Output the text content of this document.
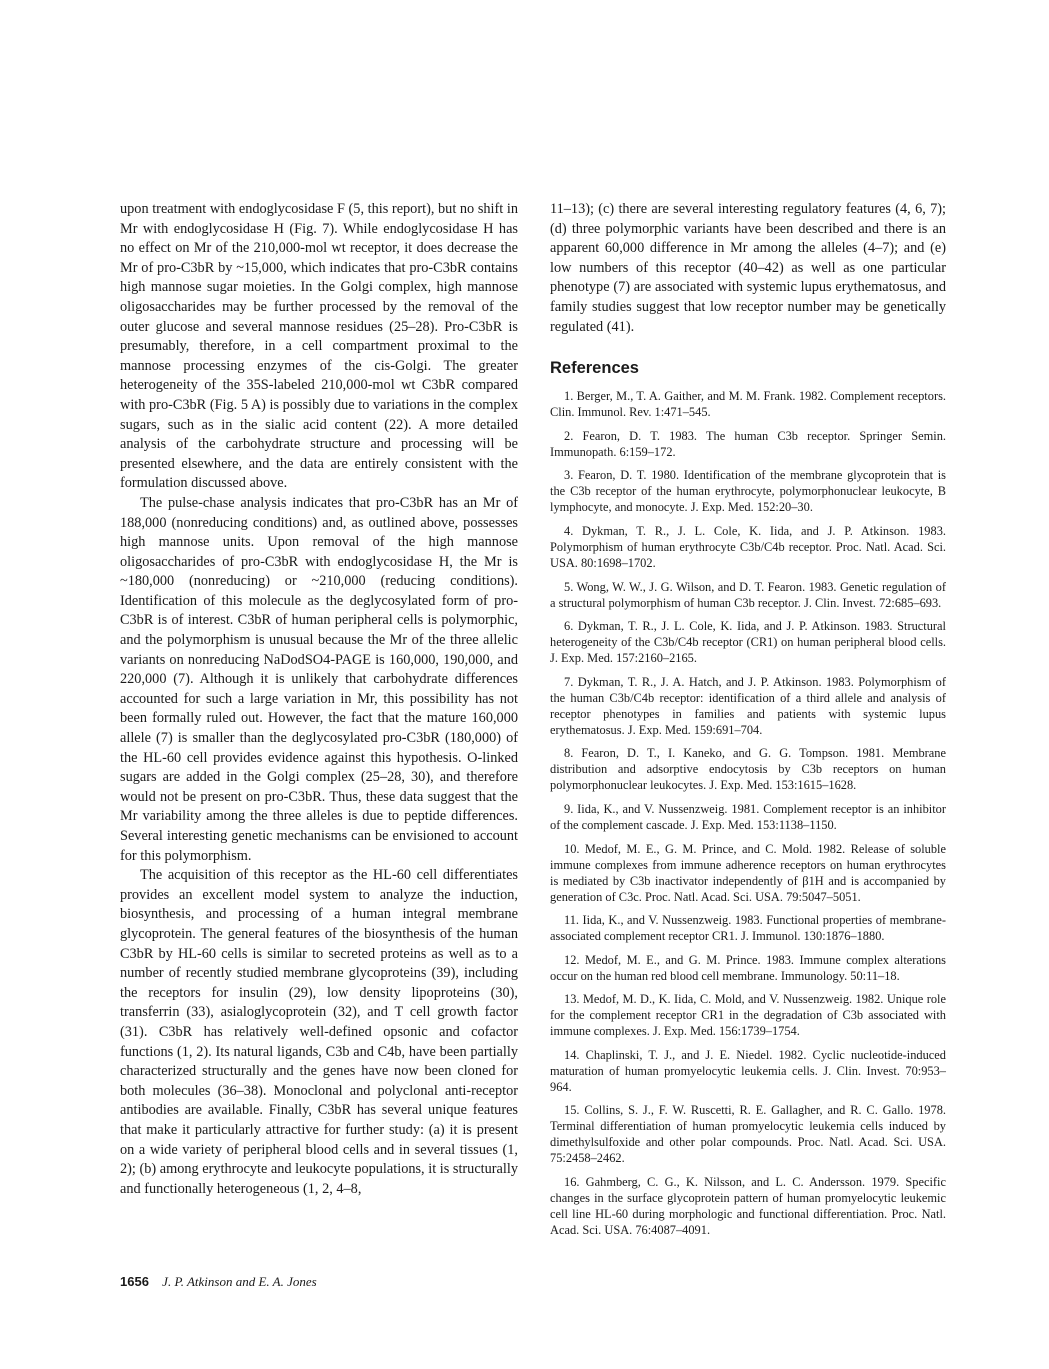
upon treatment with endoglycosidase F (5, this report), but no shift in Mr with endoglycosidase H (Fig. 7). While endoglycosidase H has no effect on Mr of the 210,000-mol wt receptor, it does decrease the Mr of pro-C3bR by ~15,000, which indicates that pro-C3bR contains high mannose sugar moieties. In the Golgi complex, high mannose oligosaccharides may be further processed by the removal of the outer glucose and several mannose residues (25–28). Pro-C3bR is presumably, therefore, in a cell compartment proximal to the mannose processing enzymes of the cis-Golgi. The greater heterogeneity of the 35S-labeled 210,000-mol wt C3bR compared with pro-C3bR (Fig. 5 A) is possibly due to variations in the complex sugars, such as in the sialic acid content (22). A more detailed analysis of the carbohydrate structure and processing will be presented elsewhere, and the data are entirely consistent with the formulation discussed above.

The pulse-chase analysis indicates that pro-C3bR has an Mr of 188,000 (nonreducing conditions) and, as outlined above, possesses high mannose units. Upon removal of the high mannose oligosaccharides of pro-C3bR with endoglycosidase H, the Mr is ~180,000 (nonreducing) or ~210,000 (reducing conditions). Identification of this molecule as the deglycosylated form of pro-C3bR is of interest. C3bR of human peripheral cells is polymorphic, and the polymorphism is unusual because the Mr of the three allelic variants on nonreducing NaDodSO4-PAGE is 160,000, 190,000, and 220,000 (7). Although it is unlikely that carbohydrate differences accounted for such a large variation in Mr, this possibility has not been formally ruled out. However, the fact that the mature 160,000 allele (7) is smaller than the deglycosylated pro-C3bR (180,000) of the HL-60 cell provides evidence against this hypothesis. O-linked sugars are added in the Golgi complex (25–28, 30), and therefore would not be present on pro-C3bR. Thus, these data suggest that the Mr variability among the three alleles is due to peptide differences. Several interesting genetic mechanisms can be envisioned to account for this polymorphism.

The acquisition of this receptor as the HL-60 cell differentiates provides an excellent model system to analyze the induction, biosynthesis, and processing of a human integral membrane glycoprotein. The general features of the biosynthesis of the human C3bR by HL-60 cells is similar to secreted proteins as well as to a number of recently studied membrane glycoproteins (39), including the receptors for insulin (29), low density lipoproteins (30), transferrin (33), asialoglycoprotein (32), and T cell growth factor (31). C3bR has relatively well-defined opsonic and cofactor functions (1, 2). Its natural ligands, C3b and C4b, have been partially characterized structurally and the genes have now been cloned for both molecules (36–38). Monoclonal and polyclonal anti-receptor antibodies are available. Finally, C3bR has several unique features that make it particularly attractive for further study: (a) it is present on a wide variety of peripheral blood cells and in several tissues (1, 2); (b) among erythrocyte and leukocyte populations, it is structurally and functionally heterogeneous (1, 2, 4–8,

11–13); (c) there are several interesting regulatory features (4, 6, 7); (d) three polymorphic variants have been described and there is an apparent 60,000 difference in Mr among the alleles (4–7); and (e) low numbers of this receptor (40–42) as well as one particular phenotype (7) are associated with systemic lupus erythematosus, and family studies suggest that low receptor number may be genetically regulated (41).

References

1. Berger, M., T. A. Gaither, and M. M. Frank. 1982. Complement receptors. Clin. Immunol. Rev. 1:471–545.

2. Fearon, D. T. 1983. The human C3b receptor. Springer Semin. Immunopath. 6:159–172.

3. Fearon, D. T. 1980. Identification of the membrane glycoprotein that is the C3b receptor of the human erythrocyte, polymorphonuclear leukocyte, B lymphocyte, and monocyte. J. Exp. Med. 152:20–30.

4. Dykman, T. R., J. L. Cole, K. Iida, and J. P. Atkinson. 1983. Polymorphism of human erythrocyte C3b/C4b receptor. Proc. Natl. Acad. Sci. USA. 80:1698–1702.

5. Wong, W. W., J. G. Wilson, and D. T. Fearon. 1983. Genetic regulation of a structural polymorphism of human C3b receptor. J. Clin. Invest. 72:685–693.

6. Dykman, T. R., J. L. Cole, K. Iida, and J. P. Atkinson. 1983. Structural heterogeneity of the C3b/C4b receptor (CR1) on human peripheral blood cells. J. Exp. Med. 157:2160–2165.

7. Dykman, T. R., J. A. Hatch, and J. P. Atkinson. 1983. Polymorphism of the human C3b/C4b receptor: identification of a third allele and analysis of receptor phenotypes in families and patients with systemic lupus erythematosus. J. Exp. Med. 159:691–704.

8. Fearon, D. T., I. Kaneko, and G. G. Tompson. 1981. Membrane distribution and adsorptive endocytosis by C3b receptors on human polymorphonuclear leukocytes. J. Exp. Med. 153:1615–1628.

9. Iida, K., and V. Nussenzweig. 1981. Complement receptor is an inhibitor of the complement cascade. J. Exp. Med. 153:1138–1150.

10. Medof, M. E., G. M. Prince, and C. Mold. 1982. Release of soluble immune complexes from immune adherence receptors on human erythrocytes is mediated by C3b inactivator independently of β1H and is accompanied by generation of C3c. Proc. Natl. Acad. Sci. USA. 79:5047–5051.

11. Iida, K., and V. Nussenzweig. 1983. Functional properties of membrane-associated complement receptor CR1. J. Immunol. 130:1876–1880.

12. Medof, M. E., and G. M. Prince. 1983. Immune complex alterations occur on the human red blood cell membrane. Immunology. 50:11–18.

13. Medof, M. D., K. Iida, C. Mold, and V. Nussenzweig. 1982. Unique role for the complement receptor CR1 in the degradation of C3b associated with immune complexes. J. Exp. Med. 156:1739–1754.

14. Chaplinski, T. J., and J. E. Niedel. 1982. Cyclic nucleotide-induced maturation of human promyelocytic leukemia cells. J. Clin. Invest. 70:953–964.

15. Collins, S. J., F. W. Ruscetti, R. E. Gallagher, and R. C. Gallo. 1978. Terminal differentiation of human promyelocytic leukemia cells induced by dimethylsulfoxide and other polar compounds. Proc. Natl. Acad. Sci. USA. 75:2458–2462.

16. Gahmberg, C. G., K. Nilsson, and L. C. Andersson. 1979. Specific changes in the surface glycoprotein pattern of human promyelocytic leukemic cell line HL-60 during morphologic and functional differentiation. Proc. Natl. Acad. Sci. USA. 76:4087–4091.

1656 J. P. Atkinson and E. A. Jones
